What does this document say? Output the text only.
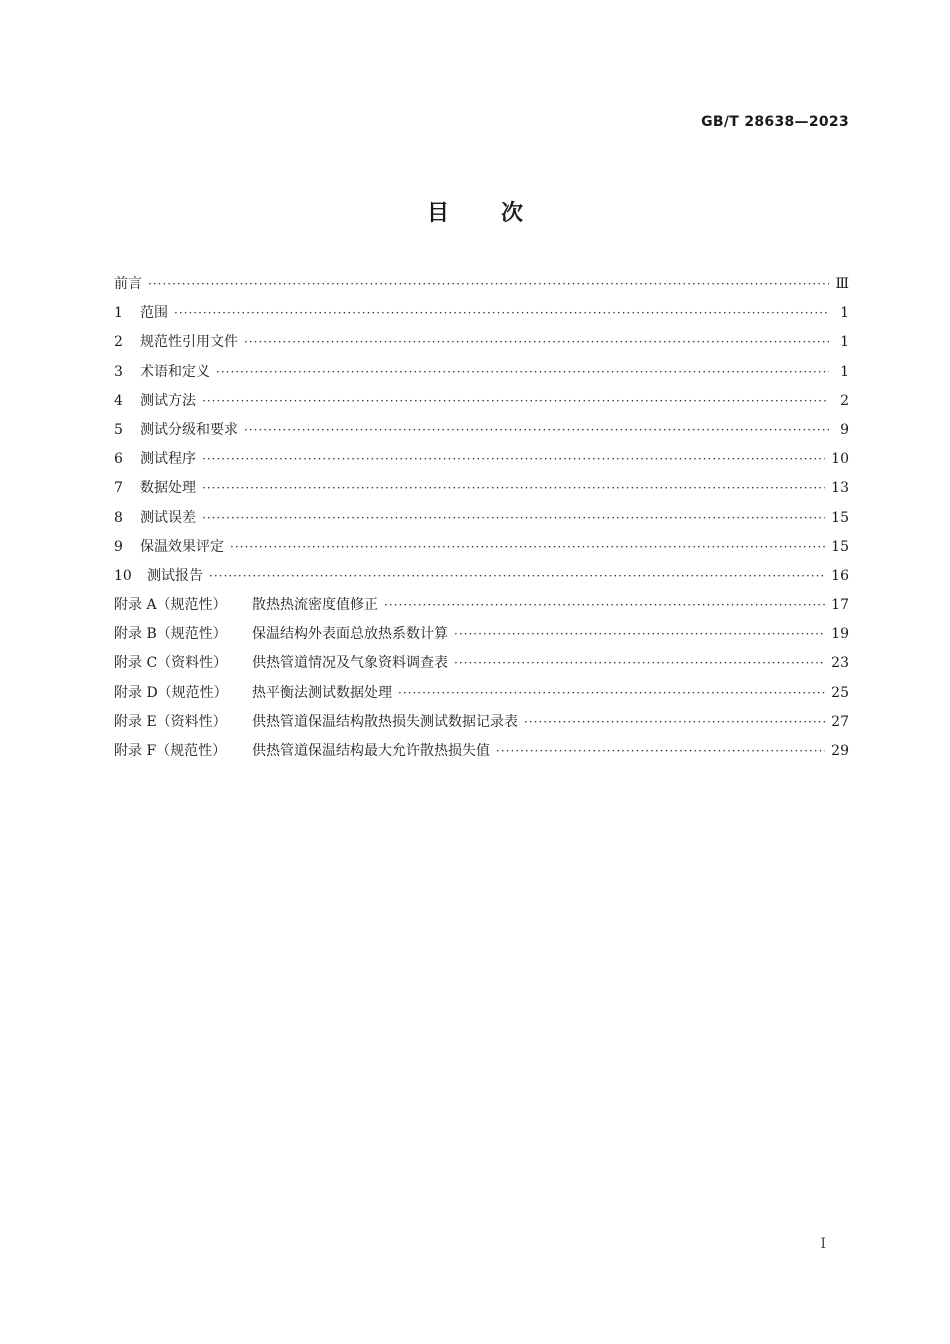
GB/T 28638—2023
目次
前言 ·····	Ⅲ
1	范围 ·····	1
2	规范性引用文件 ·····	1
3	术语和定义 ·····	1
4	测试方法 ·····	2
5	测试分级和要求 ·····	9
6	测试程序 ·····	10
7	数据处理 ·····	13
8	测试误差 ·····	15
9	保温效果评定 ·····	15
10	测试报告 ·····	16
附录 A（规范性）	散热热流密度值修正 ·····	17
附录 B（规范性）	保温结构外表面总放热系数计算 ·····	19
附录 C（资料性）	供热管道情况及气象资料调查表 ·····	23
附录 D（规范性）	热平衡法测试数据处理 ·····	25
附录 E（资料性）	供热管道保温结构散热损失测试数据记录表 ·····	27
附录 F（规范性）	供热管道保温结构最大允许散热损失值 ·····	29
Ⅰ
